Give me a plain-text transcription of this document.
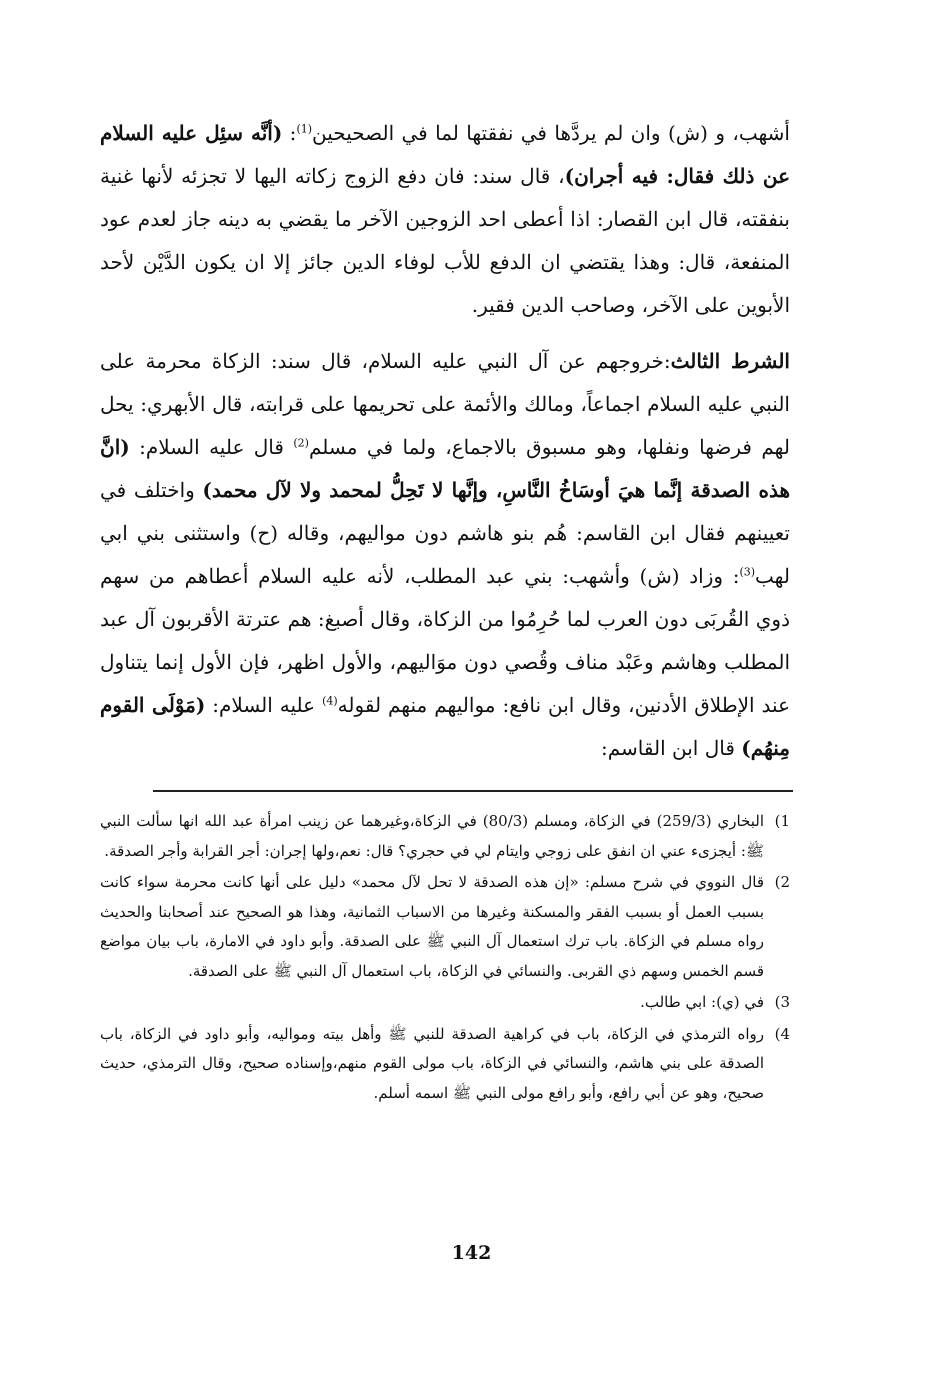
أشهب، و (ش) وان لم يردَّها في نفقتها لما في الصحيحين$^{(1)}$: (أنَّه سئِل عليه السلام عن ذلك فقال: فيه أجران)، قال سند: فان دفع الزوج زكاته اليها لا تجزئه لأنها غنية بنفقته، قال ابن القصار: اذا أعطى احد الزوجين الآخر ما يقضي به دينه جاز لعدم عود المنفعة، قال: وهذا يقتضي ان الدفع للأب لوفاء الدين جائز إلا ان يكون الدَّيْن لأحد الأبوين على الآخر، وصاحب الدين فقير.

الشرط الثالث:خروجهم عن آل النبي عليه السلام، قال سند: الزكاة محرمة على النبي عليه السلام اجماعاً، ومالك والأئمة على تحريمها على قرابته، قال الأبهري: يحل لهم فرضها ونفلها، وهو مسبوق بالاجماع، ولما في مسلم$^{(2)}$ قال عليه السلام: (انَّ هذه الصدقة إنَّما هيَ أوسَاخُ النَّاسِ، وإنَّها لا تَحِلُّ لمحمد ولا لآل محمد) واختلف في تعيينهم فقال ابن القاسم: هُم بنو هاشم دون مواليهم، وقاله (ح) واستثنى بني ابي لهب$^{(3)}$: وزاد (ش) وأشهب: بني عبد المطلب، لأنه عليه السلام أعطاهم من سهم ذوي القُربَى دون العرب لما حُرِمُوا من الزكاة، وقال أصبغ: هم عترتة الأقربون آل عبد المطلب وهاشم وعَبْد مناف وقُصي دون موَاليهم، والأول اظهر، فإن الأول إنما يتناول عند الإطلاق الأدنين، وقال ابن نافع: مواليهم منهم لقوله$^{(4)}$ عليه السلام: (مَوْلَى القوم مِنهُم) قال ابن القاسم:

1)
البخاري (259/3) في الزكاة، ومسلم (80/3) في الزكاة،وغيرهما عن زينب امرأة عبد الله انها سألت النبي ﷺ: أيجزىء عني ان انفق على زوجي وايتام لي في حجري؟ قال: نعم،ولها إجران: أجر القرابة وأجر الصدقة.
2)
قال النووي في شرح مسلم: «إن هذه الصدقة لا تحل لآل محمد» دليل على أنها كانت محرمة سواء كانت بسبب العمل أو بسبب الفقر والمسكنة وغيرها من الاسباب الثمانية، وهذا هو الصحيح عند أصحابنا والحديث رواه مسلم في الزكاة. باب ترك استعمال آل النبي ﷺ على الصدقة. وأبو داود في الامارة، باب بيان مواضع قسم الخمس وسهم ذي القربى. والنسائي في الزكاة، باب استعمال آل النبي ﷺ على الصدقة.
3)
في (ي): ابي طالب.
4)
رواه الترمذي في الزكاة، باب في كراهية الصدقة للنبي ﷺ وأهل بيته ومواليه، وأبو داود في الزكاة، باب الصدقة على بني هاشم، والنسائي في الزكاة، باب مولى القوم منهم،وإسناده صحيح، وقال الترمذي، حديث صحيح، وهو عن أبي رافع، وأبو رافع مولى النبي ﷺ اسمه أسلم.
142
